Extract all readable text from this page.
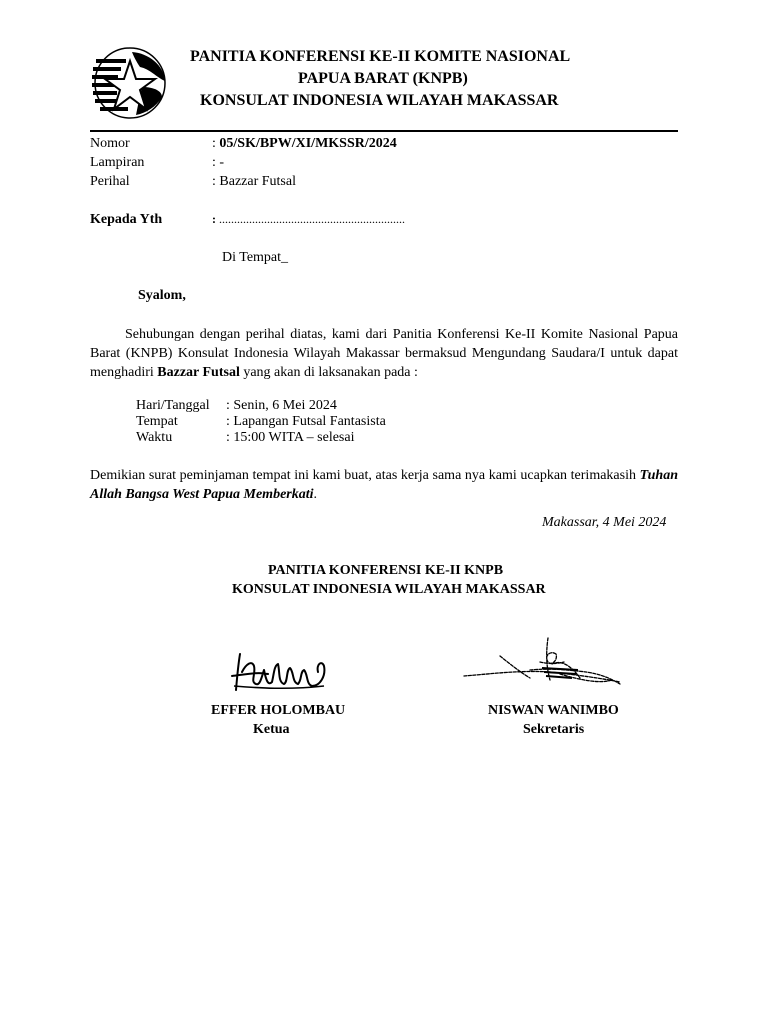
PANITIA KONFERENSI KE-II KOMITE NASIONAL
PAPUA BARAT (KNPB)
KONSULAT INDONESIA WILAYAH MAKASSAR
Nomor	: 05/SK/BPW/XI/MKSSR/2024
Lampiran	: -
Perihal	: Bazzar Futsal
Kepada Yth	: ..............................................................
Di Tempat_
Syalom,
Sehubungan dengan perihal diatas, kami dari Panitia Konferensi Ke-II Komite Nasional Papua Barat (KNPB) Konsulat Indonesia Wilayah Makassar bermaksud Mengundang Saudara/I untuk dapat menghadiri Bazzar Futsal yang akan di laksanakan pada :
Hari/Tanggal : Senin, 6 Mei 2024
Tempat	: Lapangan Futsal Fantasista
Waktu	: 15:00 WITA – selesai
Demikian surat peminjaman tempat ini kami buat, atas kerja sama nya kami ucapkan terimakasih Tuhan Allah Bangsa West Papua Memberkati.
Makassar, 4 Mei 2024
PANITIA KONFERENSI KE-II KNPB
KONSULAT INDONESIA WILAYAH MAKASSAR
EFFER HOLOMBAU
Ketua
NISWAN WANIMBO
Sekretaris
